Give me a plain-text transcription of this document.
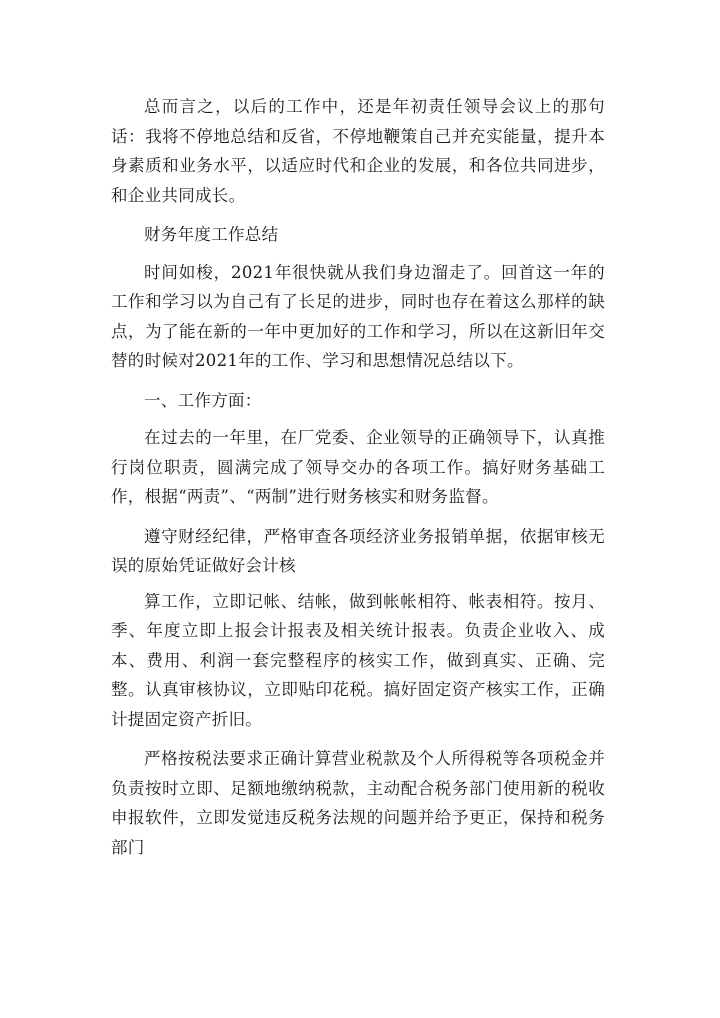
总而言之，以后的工作中，还是年初责任领导会议上的那句话：我将不停地总结和反省，不停地鞭策自己并充实能量，提升本身素质和业务水平，以适应时代和企业的发展，和各位共同进步，和企业共同成长。

财务年度工作总结

时间如梭，2021年很快就从我们身边溜走了。回首这一年的工作和学习以为自己有了长足的进步，同时也存在着这么那样的缺点，为了能在新的一年中更加好的工作和学习，所以在这新旧年交替的时候对2021年的工作、学习和思想情况总结以下。

一、工作方面：

在过去的一年里，在厂党委、企业领导的正确领导下，认真推行岗位职责，圆满完成了领导交办的各项工作。搞好财务基础工作，根据“两责”、“两制”进行财务核实和财务监督。

遵守财经纪律，严格审查各项经济业务报销单据，依据审核无误的原始凭证做好会计核

算工作，立即记帐、结帐，做到帐帐相符、帐表相符。按月、季、年度立即上报会计报表及相关统计报表。负责企业收入、成本、费用、利润一套完整程序的核实工作，做到真实、正确、完整。认真审核协议，立即贴印花税。搞好固定资产核实工作，正确计提固定资产折旧。

严格按税法要求正确计算营业税款及个人所得税等各项税金并负责按时立即、足额地缴纳税款，主动配合税务部门使用新的税收申报软件，立即发觉违反税务法规的问题并给予更正，保持和税务部门
